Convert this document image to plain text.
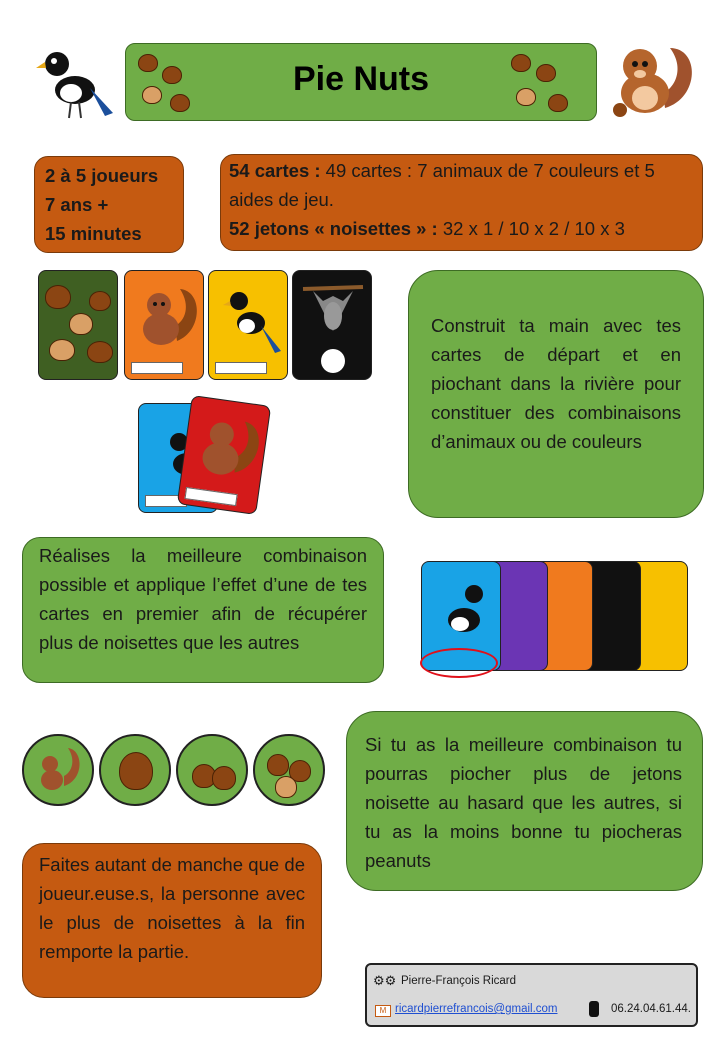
Pie Nuts
2 à 5 joueurs
7 ans +
15 minutes
54 cartes : 49 cartes : 7 animaux de 7 couleurs et 5 aides de jeu.
52 jetons « noisettes » : 32 x 1 / 10 x 2 / 10 x 3
Construit ta main avec tes cartes de départ et en piochant dans la rivière pour constituer des combinaisons d’animaux ou de couleurs
Réalises la meilleure combinaison possible et applique l’effet d’une de tes cartes en premier afin de récupérer plus de noisettes que les autres
Si tu as la meilleure combinaison tu pourras piocher plus de jetons noisette au hasard que les autres, si tu as la moins bonne tu piocheras peanuts
Faites autant de manche que de joueur.euse.s, la personne avec le plus de noisettes à la fin remporte la partie.
⚙⚙ Pierre-François Ricard
M ricardpierrefrancois@gmail.com	06.24.04.61.44.
